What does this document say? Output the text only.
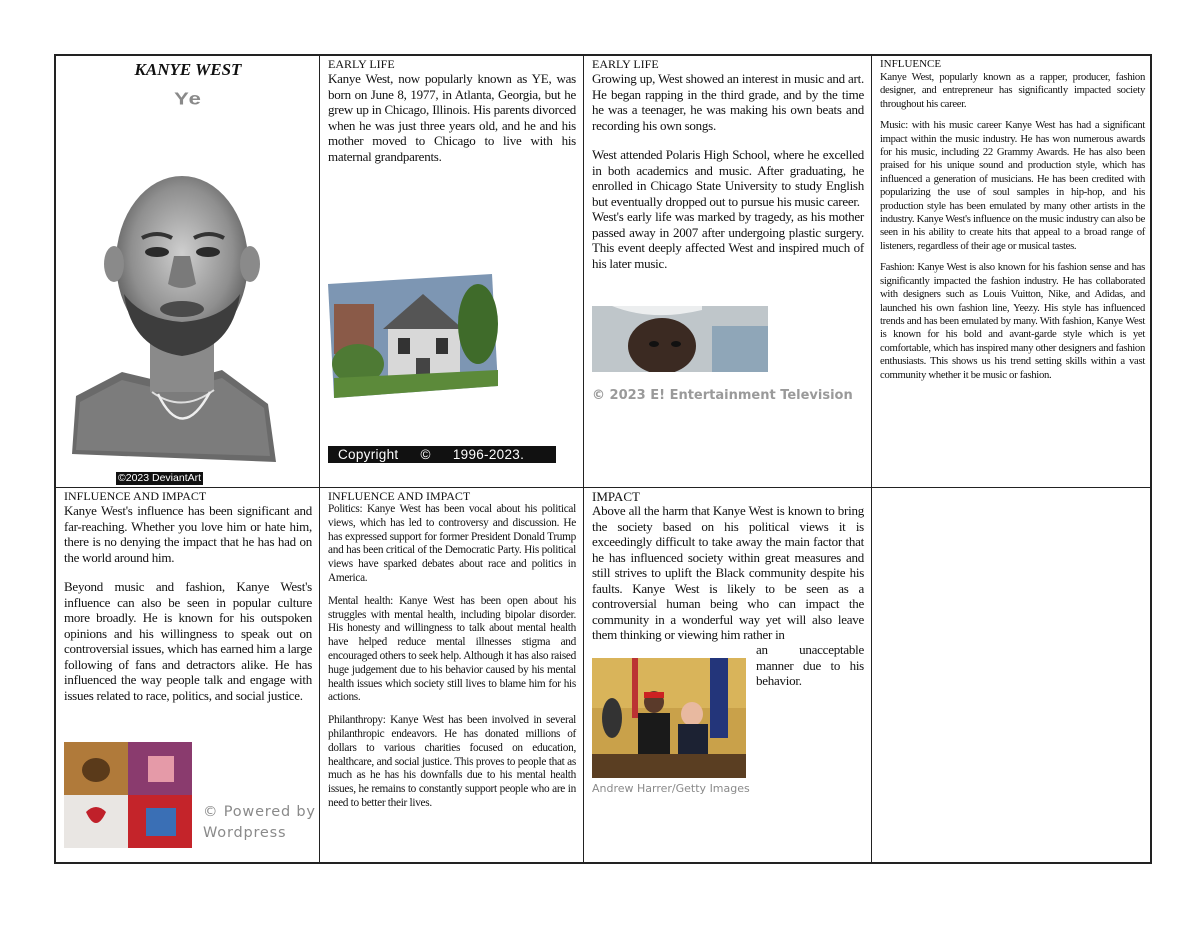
KANYE WEST
Ye
©2023 DeviantArt
EARLY LIFE

Kanye West, now popularly known as YE, was born on June 8, 1977, in Atlanta, Georgia, but he grew up in Chicago, Illinois. His parents divorced when he was just three years old, and he and his mother moved to Chicago to live with his maternal grandparents.

Copyright © 1996-2023.
EARLY LIFE

Growing up, West showed an interest in music and art. He began rapping in the third grade, and by the time he was a teenager, he was making his own beats and recording his own songs.

West attended Polaris High School, where he excelled in both academics and music. After graduating, he enrolled in Chicago State University to study English but eventually dropped out to pursue his music career.

West's early life was marked by tragedy, as his mother passed away in 2007 after undergoing plastic surgery. This event deeply affected West and inspired much of his later music.

© 2023 E! Entertainment Television
INFLUENCE

Kanye West, popularly known as a rapper, producer, fashion designer, and entrepreneur has significantly impacted society throughout his career.

Music: with his music career Kanye West has had a significant impact within the music industry. He has won numerous awards for his music, including 22 Grammy Awards. He has also been praised for his unique sound and production style, which has influenced a generation of musicians. He has been credited with popularizing the use of soul samples in hip-hop, and his production style has been emulated by many other artists in the industry. Kanye West's influence on the music industry can also be seen in his ability to create hits that appeal to a broad range of listeners, regardless of their age or musical tastes.

Fashion: Kanye West is also known for his fashion sense and has significantly impacted the fashion industry. He has collaborated with designers such as Louis Vuitton, Nike, and Adidas, and launched his own fashion line, Yeezy. His style has influenced trends and has been emulated by many. With fashion, Kanye West is known for his bold and avant-garde style which is yet comfortable, which has inspired many other designers and fashion enthusiasts. This shows us his trend setting skills within a vast community whether it be music or fashion.

INFLUENCE AND IMPACT

Kanye West's influence has been significant and far-reaching. Whether you love him or hate him, there is no denying the impact that he has had on the world around him.

Beyond music and fashion, Kanye West's influence can also be seen in popular culture more broadly. He is known for his outspoken opinions and his willingness to speak out on controversial issues, which has earned him a large following of fans and detractors alike. He has influenced the way people talk and engage with issues related to race, politics, and social justice.

© Powered by Wordpress
INFLUENCE AND IMPACT

Politics: Kanye West has been vocal about his political views, which has led to controversy and discussion. He has expressed support for former President Donald Trump and has been critical of the Democratic Party. His political views have sparked debates about race and politics in America.

Mental health: Kanye West has been open about his struggles with mental health, including bipolar disorder. His honesty and willingness to talk about mental health have helped reduce mental illnesses stigma and encouraged others to seek help. Although it has also raised huge judgement due to his behavior caused by his mental health issues which society still lives to blame him for his actions.

Philanthropy: Kanye West has been involved in several philanthropic endeavors. He has donated millions of dollars to various charities focused on education, healthcare, and social justice. This proves to people that as much as he has his downfalls due to his mental health issues, he remains to constantly support people who are in need to better their lives.

IMPACT

Above all the harm that Kanye West is known to bring the society based on his political views it is exceedingly difficult to take away the main factor that he has influenced society within great measures and still strives to uplift the Black community despite his faults. Kanye West is likely to be seen as a controversial human being who can impact the community in a wonderful way yet will also leave them thinking or viewing him rather in

an unacceptable manner due to his behavior.

Andrew Harrer/Getty Images
